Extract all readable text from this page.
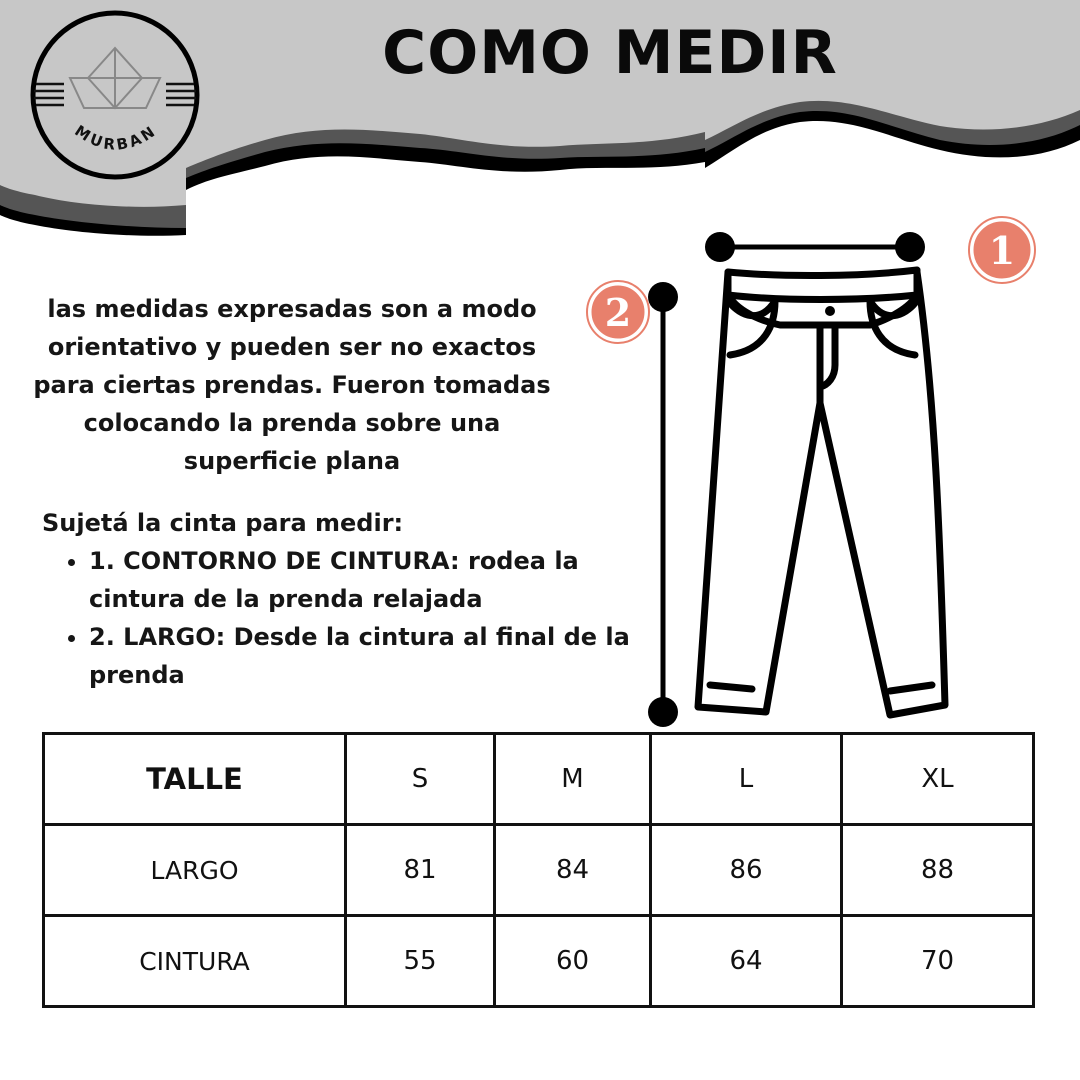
MURBAN
COMO MEDIR
las medidas expresadas son a modo
orientativo y pueden ser no exactos
para ciertas prendas. Fueron tomadas
colocando la prenda sobre una
superficie plana
Sujetá la cinta para medir:
• 1. CONTORNO DE CINTURA: rodea la cintura de la prenda relajada
• 2. LARGO: Desde la cintura al final de la prenda
1
2
TALLE	S	M	L	XL
LARGO	81	84	86	88
CINTURA	55	60	64	70
